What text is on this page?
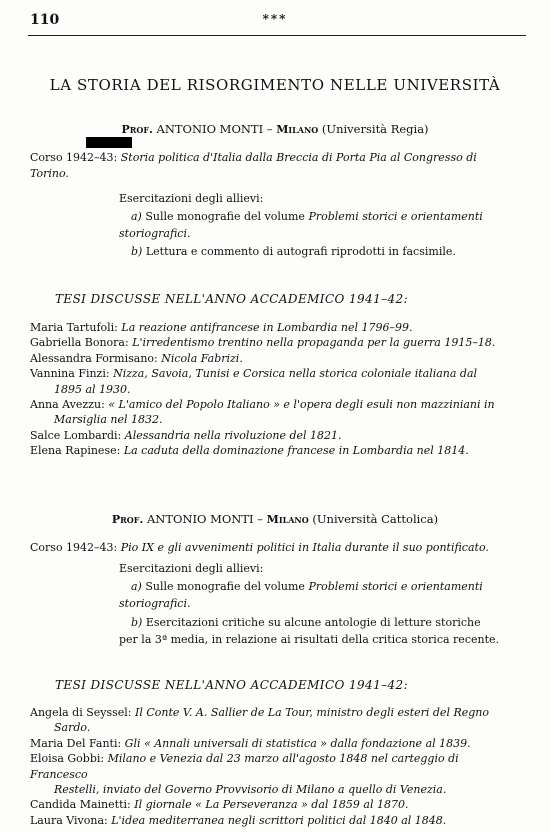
110	***
LA STORIA DEL RISORGIMENTO NELLE UNIVERSITÀ
Prof. ANTONIO MONTI – Milano (Università Regia)
Corso 1942–43: Storia politica d'Italia dalla Breccia di Porta Pia al Congresso di Torino.
Esercitazioni degli allievi:
a) Sulle monografie del volume Problemi storici e orientamenti
storiografici.
b) Lettura e commento di autografi riprodotti in facsimile.
TESI DISCUSSE NELL'ANNO ACCADEMICO 1941–42:
Maria Tartufoli: La reazione antifrancese in Lombardia nel 1796–99.
Gabriella Bonora: L'irredentismo trentino nella propaganda per la guerra 1915–18.
Alessandra Formisano: Nicola Fabrizi.
Vannina Finzi: Nizza, Savoia, Tunisi e Corsica nella storica coloniale italiana dal
1895 al 1930.
Anna Avezzu: « L'amico del Popolo Italiano » e l'opera degli esuli non mazziniani in
Marsiglia nel 1832.
Salce Lombardi: Alessandria nella rivoluzione del 1821.
Elena Rapinese: La caduta della dominazione francese in Lombardia nel 1814.
Prof. ANTONIO MONTI – Milano (Università Cattolica)
Corso 1942–43: Pio IX e gli avvenimenti politici in Italia durante il suo pontificato.
Esercitazioni degli allievi:
a) Sulle monografie del volume Problemi storici e orientamenti
storiografici.
b) Esercitazioni critiche su alcune antologie di letture storiche
per la 3ª media, in relazione ai risultati della critica storica recente.
TESI DISCUSSE NELL'ANNO ACCADEMICO 1941–42:
Angela di Seyssel: Il Conte V. A. Sallier de La Tour, ministro degli esteri del Regno
Sardo.
Maria Del Fanti: Gli « Annali universali di statistica » dalla fondazione al 1839.
Eloisa Gobbi: Milano e Venezia dal 23 marzo all'agosto 1848 nel carteggio di Francesco
Restelli, inviato del Governo Provvisorio di Milano a quello di Venezia.
Candida Mainetti: Il giornale « La Perseveranza » dal 1859 al 1870.
Laura Vivona: L'idea mediterranea negli scrittori politici dal 1840 al 1848.
